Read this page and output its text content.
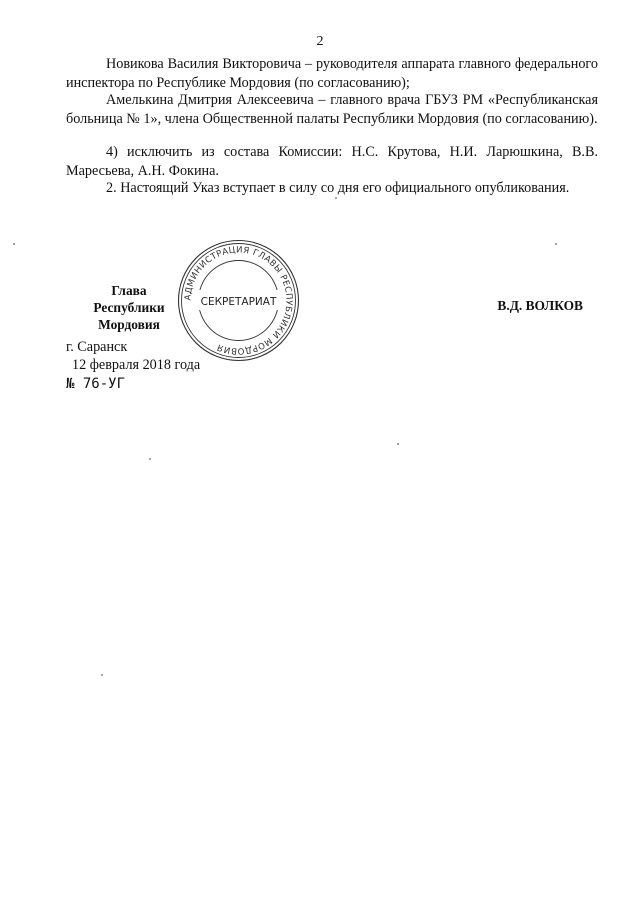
2
Новикова Василия Викторовича – руководителя аппарата главного федерального инспектора по Республике Мордовия (по согласованию);
Амелькина Дмитрия Алексеевича – главного врача ГБУЗ РМ «Республиканская больница № 1», члена Общественной палаты Республики Мордовия (по согласованию).
4) исключить из состава Комиссии: Н.С. Крутова, Н.И. Ларюшкина, В.В. Маресьева, А.Н. Фокина.
2. Настоящий Указ вступает в силу со дня его официального опубликования.
АДМИНИСТРАЦИЯ ГЛАВЫ РЕСПУБЛИКИ МОРДОВИЯ
СЕКРЕТАРИАТ
Глава
Республики Мордовия
В.Д. ВОЛКОВ
г. Саранск
12 февраля 2018 года
№ 76-УГ
